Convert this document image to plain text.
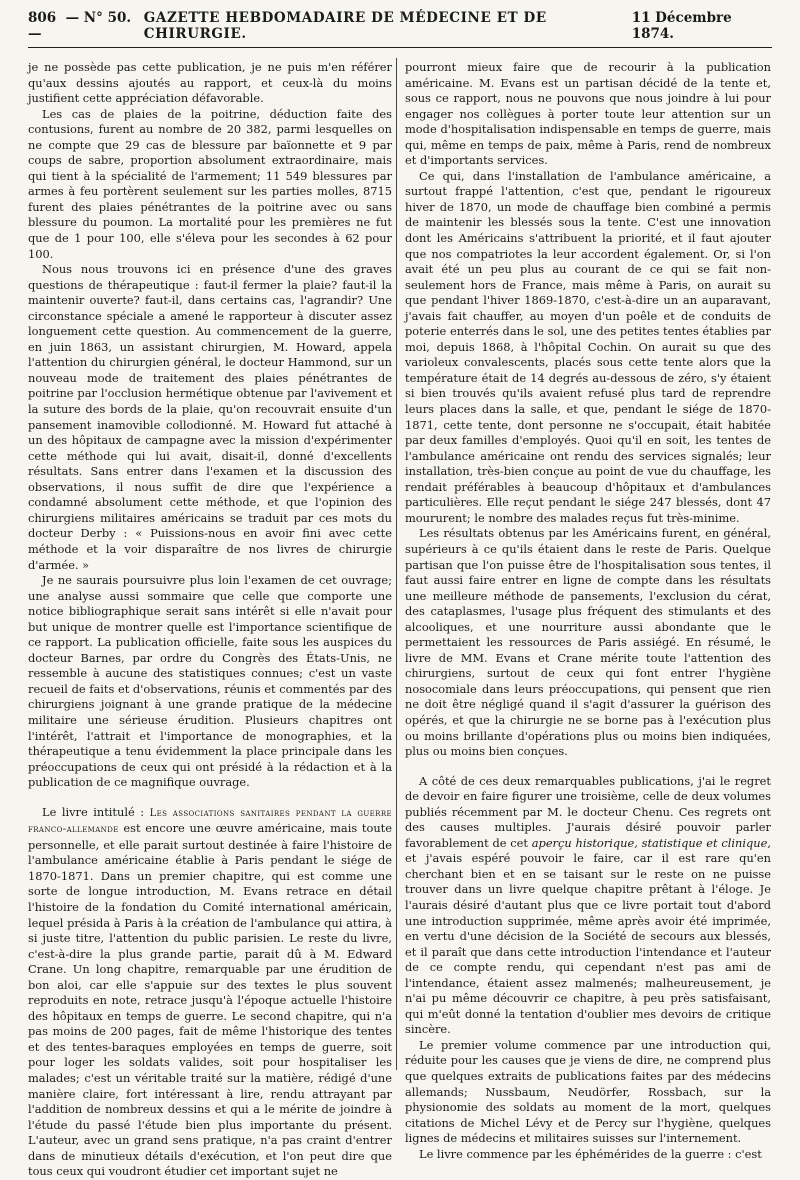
806 — N° 50. —
GAZETTE HEBDOMADAIRE DE MÉDECINE ET DE CHIRURGIE.
11 Décembre 1874.

je ne possède pas cette publication, je ne puis m'en référer qu'aux dessins ajoutés au rapport, et ceux-là du moins justifient cette appréciation défavorable.

Les cas de plaies de la poitrine, déduction faite des contusions, furent au nombre de 20 382, parmi lesquelles on ne compte que 29 cas de blessure par baïonnette et 9 par coups de sabre, proportion absolument extraordinaire, mais qui tient à la spécialité de l'armement; 11 549 blessures par armes à feu portèrent seulement sur les parties molles, 8715 furent des plaies pénétrantes de la poitrine avec ou sans blessure du poumon. La mortalité pour les premières ne fut que de 1 pour 100, elle s'éleva pour les secondes à 62 pour 100.

Nous nous trouvons ici en présence d'une des graves questions de thérapeutique : faut-il fermer la plaie? faut-il la maintenir ouverte? faut-il, dans certains cas, l'agrandir? Une circonstance spéciale a amené le rapporteur à discuter assez longuement cette question. Au commencement de la guerre, en juin 1863, un assistant chirurgien, M. Howard, appela l'attention du chirurgien général, le docteur Hammond, sur un nouveau mode de traitement des plaies pénétrantes de poitrine par l'occlusion hermétique obtenue par l'avivement et la suture des bords de la plaie, qu'on recouvrait ensuite d'un pansement inamovible collodionné. M. Howard fut attaché à un des hôpitaux de campagne avec la mission d'expérimenter cette méthode qui lui avait, disait-il, donné d'excellents résultats. Sans entrer dans l'examen et la discussion des observations, il nous suffit de dire que l'expérience a condamné absolument cette méthode, et que l'opinion des chirurgiens militaires américains se traduit par ces mots du docteur Derby : « Puissions-nous en avoir fini avec cette méthode et la voir disparaître de nos livres de chirurgie d'armée. »

Je ne saurais poursuivre plus loin l'examen de cet ouvrage; une analyse aussi sommaire que celle que comporte une notice bibliographique serait sans intérêt si elle n'avait pour but unique de montrer quelle est l'importance scientifique de ce rapport. La publication officielle, faite sous les auspices du docteur Barnes, par ordre du Congrès des États-Unis, ne ressemble à aucune des statistiques connues; c'est un vaste recueil de faits et d'observations, réunis et commentés par des chirurgiens joignant à une grande pratique de la médecine militaire une sérieuse érudition. Plusieurs chapitres ont l'intérêt, l'attrait et l'importance de monographies, et la thérapeutique a tenu évidemment la place principale dans les préoccupations de ceux qui ont présidé à la rédaction et à la publication de ce magnifique ouvrage.

Le livre intitulé : Les associations sanitaires pendant la guerre franco-allemande est encore une œuvre américaine, mais toute personnelle, et elle parait surtout destinée à faire l'histoire de l'ambulance américaine établie à Paris pendant le siége de 1870-1871. Dans un premier chapitre, qui est comme une sorte de longue introduction, M. Evans retrace en détail l'histoire de la fondation du Comité international américain, lequel présida à Paris à la création de l'ambulance qui attira, à si juste titre, l'attention du public parisien. Le reste du livre, c'est-à-dire la plus grande partie, parait dû à M. Edward Crane. Un long chapitre, remarquable par une érudition de bon aloi, car elle s'appuie sur des textes le plus souvent reproduits en note, retrace jusqu'à l'époque actuelle l'histoire des hôpitaux en temps de guerre. Le second chapitre, qui n'a pas moins de 200 pages, fait de même l'historique des tentes et des tentes-baraques employées en temps de guerre, soit pour loger les soldats valides, soit pour hospitaliser les malades; c'est un véritable traité sur la matière, rédigé d'une manière claire, fort intéressant à lire, rendu attrayant par l'addition de nombreux dessins et qui a le mérite de joindre à l'étude du passé l'étude bien plus importante du présent. L'auteur, avec un grand sens pratique, n'a pas craint d'entrer dans de minutieux détails d'exécution, et l'on peut dire que tous ceux qui voudront étudier cet important sujet ne

pourront mieux faire que de recourir à la publication américaine. M. Evans est un partisan décidé de la tente et, sous ce rapport, nous ne pouvons que nous joindre à lui pour engager nos collègues à porter toute leur attention sur un mode d'hospitalisation indispensable en temps de guerre, mais qui, même en temps de paix, même à Paris, rend de nombreux et d'importants services.

Ce qui, dans l'installation de l'ambulance américaine, a surtout frappé l'attention, c'est que, pendant le rigoureux hiver de 1870, un mode de chauffage bien combiné a permis de maintenir les blessés sous la tente. C'est une innovation dont les Américains s'attribuent la priorité, et il faut ajouter que nos compatriotes la leur accordent également. Or, si l'on avait été un peu plus au courant de ce qui se fait non-seulement hors de France, mais même à Paris, on aurait su que pendant l'hiver 1869-1870, c'est-à-dire un an auparavant, j'avais fait chauffer, au moyen d'un poêle et de conduits de poterie enterrés dans le sol, une des petites tentes établies par moi, depuis 1868, à l'hôpital Cochin. On aurait su que des varioleux convalescents, placés sous cette tente alors que la température était de 14 degrés au-dessous de zéro, s'y étaient si bien trouvés qu'ils avaient refusé plus tard de reprendre leurs places dans la salle, et que, pendant le siége de 1870-1871, cette tente, dont personne ne s'occupait, était habitée par deux familles d'employés. Quoi qu'il en soit, les tentes de l'ambulance américaine ont rendu des services signalés; leur installation, très-bien conçue au point de vue du chauffage, les rendait préférables à beaucoup d'hôpitaux et d'ambulances particulières. Elle reçut pendant le siége 247 blessés, dont 47 moururent; le nombre des malades reçus fut très-minime.

Les résultats obtenus par les Américains furent, en général, supérieurs à ce qu'ils étaient dans le reste de Paris. Quelque partisan que l'on puisse être de l'hospitalisation sous tentes, il faut aussi faire entrer en ligne de compte dans les résultats une meilleure méthode de pansements, l'exclusion du cérat, des cataplasmes, l'usage plus fréquent des stimulants et des alcooliques, et une nourriture aussi abondante que le permettaient les ressources de Paris assiégé. En résumé, le livre de MM. Evans et Crane mérite toute l'attention des chirurgiens, surtout de ceux qui font entrer l'hygiène nosocomiale dans leurs préoccupations, qui pensent que rien ne doit être négligé quand il s'agit d'assurer la guérison des opérés, et que la chirurgie ne se borne pas à l'exécution plus ou moins brillante d'opérations plus ou moins bien indiquées, plus ou moins bien conçues.

A côté de ces deux remarquables publications, j'ai le regret de devoir en faire figurer une troisième, celle de deux volumes publiés récemment par M. le docteur Chenu. Ces regrets ont des causes multiples. J'aurais désiré pouvoir parler favorablement de cet aperçu historique, statistique et clinique, et j'avais espéré pouvoir le faire, car il est rare qu'en cherchant bien et en se taisant sur le reste on ne puisse trouver dans un livre quelque chapitre prêtant à l'éloge. Je l'aurais désiré d'autant plus que ce livre portait tout d'abord une introduction supprimée, même après avoir été imprimée, en vertu d'une décision de la Société de secours aux blessés, et il paraît que dans cette introduction l'intendance et l'auteur de ce compte rendu, qui cependant n'est pas ami de l'intendance, étaient assez malmenés; malheureusement, je n'ai pu même découvrir ce chapitre, à peu près satisfaisant, qui m'eût donné la tentation d'oublier mes devoirs de critique sincère.

Le premier volume commence par une introduction qui, réduite pour les causes que je viens de dire, ne comprend plus que quelques extraits de publications faites par des médecins allemands; Nussbaum, Neudörfer, Rossbach, sur la physionomie des soldats au moment de la mort, quelques citations de Michel Lévy et de Percy sur l'hygiène, quelques lignes de médecins et militaires suisses sur l'internement.

Le livre commence par les éphémérides de la guerre : c'est
